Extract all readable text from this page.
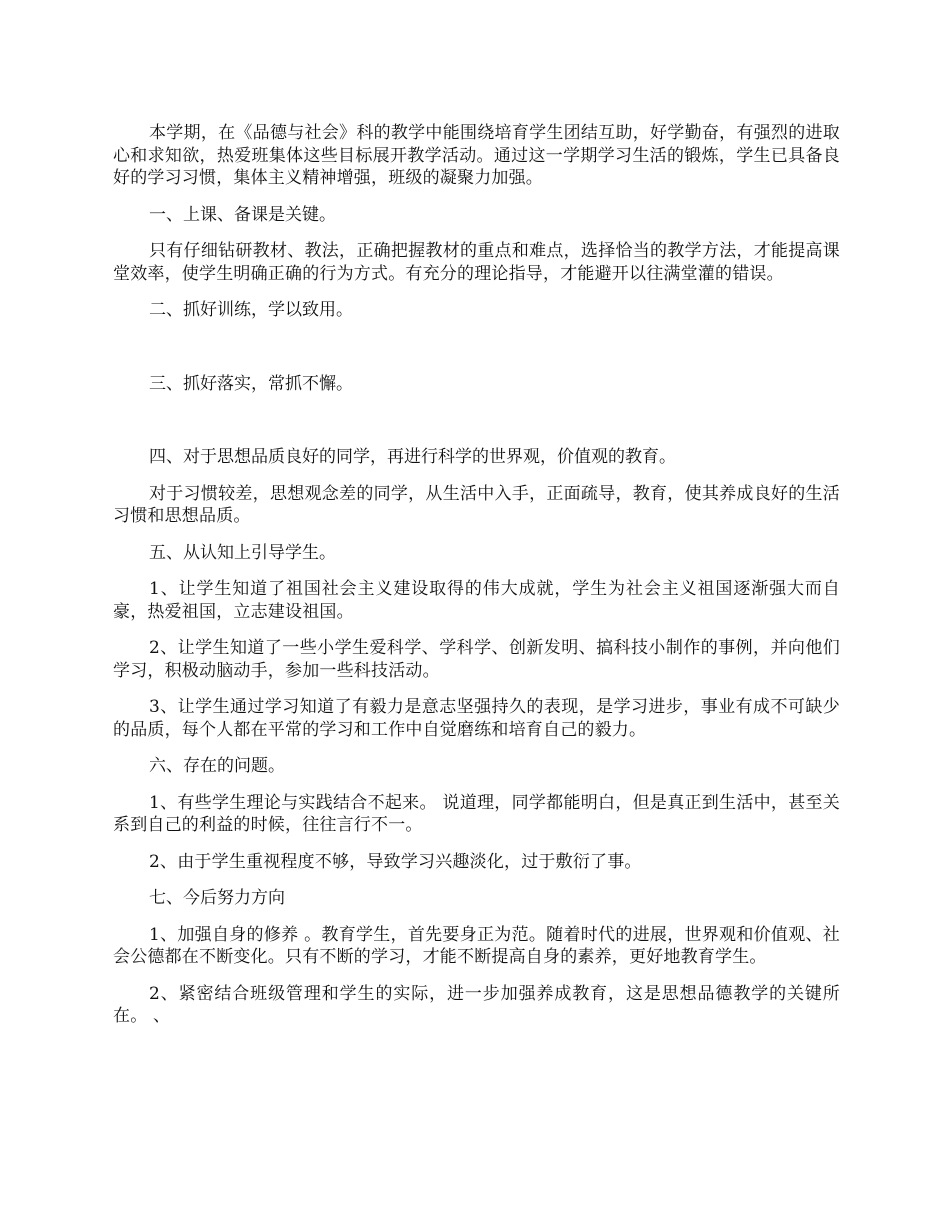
本学期，在《品德与社会》科的教学中能围绕培育学生团结互助，好学勤奋，有强烈的进取心和求知欲，热爱班集体这些目标展开教学活动。通过这一学期学习生活的锻炼，学生已具备良好的学习习惯，集体主义精神增强，班级的凝聚力加强。

一、上课、备课是关键。

只有仔细钻研教材、教法，正确把握教材的重点和难点，选择恰当的教学方法，才能提高课堂效率，使学生明确正确的行为方式。有充分的理论指导，才能避开以往满堂灌的错误。

二、抓好训练，学以致用。

三、抓好落实，常抓不懈。

四、对于思想品质良好的同学，再进行科学的世界观，价值观的教育。

对于习惯较差，思想观念差的同学，从生活中入手，正面疏导，教育，使其养成良好的生活习惯和思想品质。

五、从认知上引导学生。

1、让学生知道了祖国社会主义建设取得的伟大成就，学生为社会主义祖国逐渐强大而自豪，热爱祖国，立志建设祖国。

2、让学生知道了一些小学生爱科学、学科学、创新发明、搞科技小制作的事例，并向他们学习，积极动脑动手，参加一些科技活动。

3、让学生通过学习知道了有毅力是意志坚强持久的表现，是学习进步，事业有成不可缺少的品质，每个人都在平常的学习和工作中自觉磨练和培育自己的毅力。

六、存在的问题。

1、有些学生理论与实践结合不起来。 说道理，同学都能明白，但是真正到生活中，甚至关系到自己的利益的时候，往往言行不一。

2、由于学生重视程度不够，导致学习兴趣淡化，过于敷衍了事。

七、今后努力方向

1、加强自身的修养 。教育学生，首先要身正为范。随着时代的进展，世界观和价值观、社会公德都在不断变化。只有不断的学习，才能不断提高自身的素养，更好地教育学生。

2、紧密结合班级管理和学生的实际，进一步加强养成教育，这是思想品德教学的关键所在。 、
